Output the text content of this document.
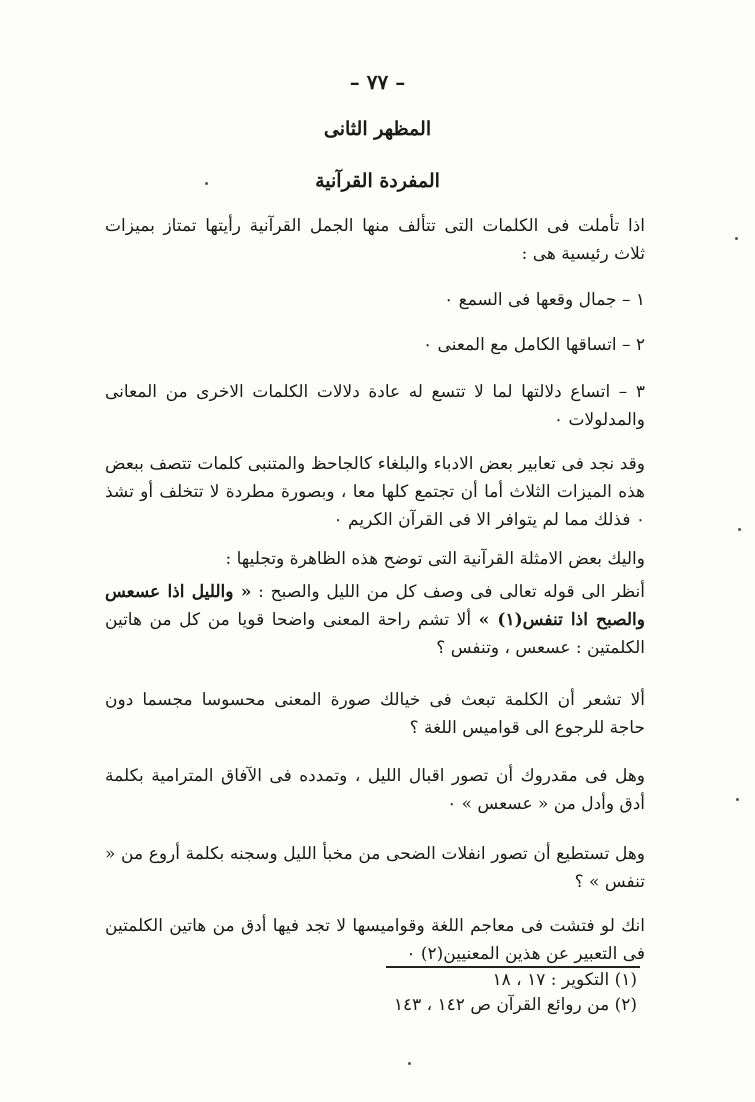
– ٧٧ –
المظهر الثانى
المفردة القرآنية
اذا تأملت فى الكلمات التى تتألف منها الجمل القرآنية رأيتها تمتاز بميزات ثلاث رئيسية هى :
١ – جمال وقعها فى السمع ٠
٢ – اتساقها الكامل مع المعنى ٠
٣ – اتساع دلالتها لما لا تتسع له عادة دلالات الكلمات الاخرى من المعانى والمدلولات ٠
وقد نجد فى تعابير بعض الادباء والبلغاء كالجاحظ والمتنبى كلمات تتصف ببعض هذه الميزات الثلاث أما أن تجتمع كلها معا ، وبصورة مطردة لا تتخلف أو تشذ ٠ فذلك مما لم يتوافر الا فى القرآن الكريم ٠
واليك بعض الامثلة القرآنية التى توضح هذه الظاهرة وتجليها :
أنظر الى قوله تعالى فى وصف كل من الليل والصبح : « والليل اذا عسعس والصبح اذا تنفس(١) » ألا تشم راحة المعنى واضحا قويا من كل من هاتين الكلمتين : عسعس ، وتنفس ؟
ألا تشعر أن الكلمة تبعث فى خيالك صورة المعنى محسوسا مجسما دون حاجة للرجوع الى قواميس اللغة ؟
وهل فى مقدروك أن تصور اقبال الليل ، وتمدده فى الآفاق المترامية بكلمة أدق وأدل من « عسعس » ٠
وهل تستطيع أن تصور انفلات الضحى من مخبأ الليل وسجنه بكلمة أروع من « تنفس » ؟
انك لو فتشت فى معاجم اللغة وقواميسها لا تجد فيها أدق من هاتين الكلمتين فى التعبير عن هذين المعنيين(٢) ٠
(١) التكوير : ١٧ ، ١٨
(٢) من روائع القرآن ص ١٤٢ ، ١٤٣
